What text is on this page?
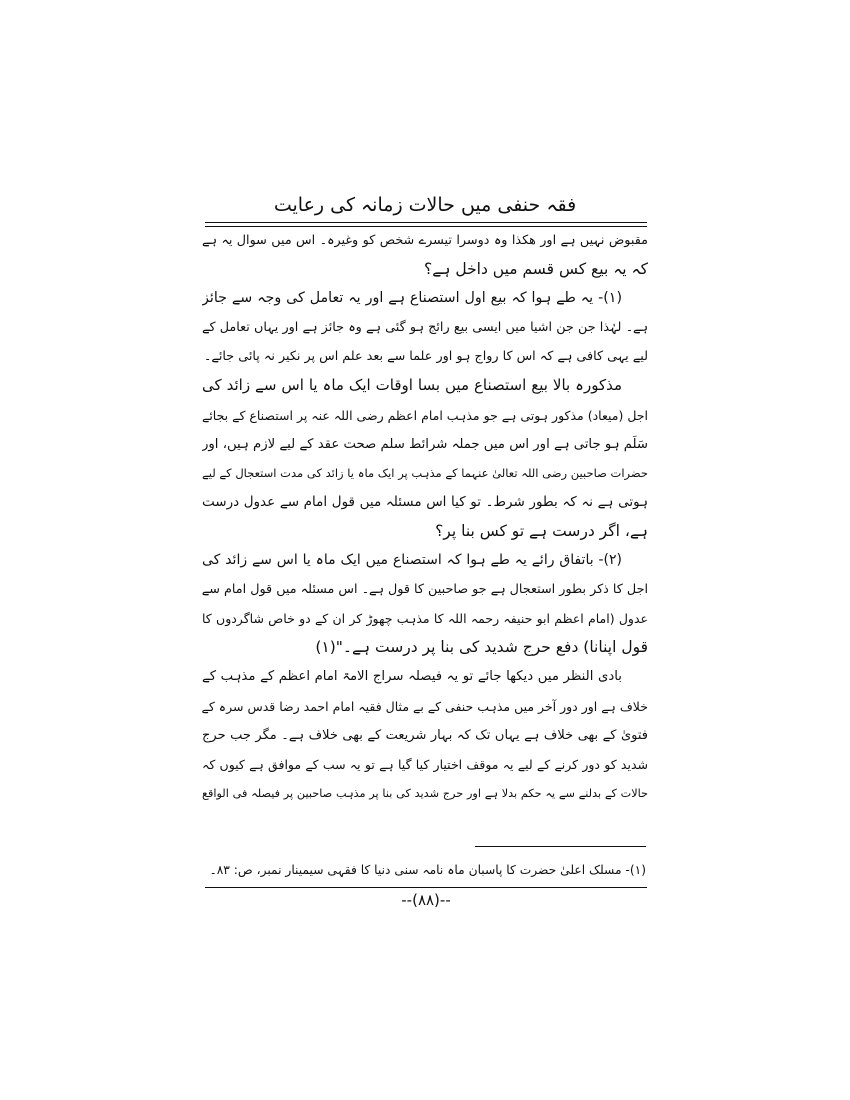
فقہ حنفی میں حالات زمانہ کی رعایت
مقبوض نہیں ہے اور ھکذا وہ دوسرا تیسرے شخص کو وغیرہ۔ اس میں سوال یہ ہے
کہ یہ بیع کس قسم میں داخل ہے؟
(۱)- یہ طے ہوا کہ بیع اول استصناع ہے اور یہ تعامل کی وجہ سے جائز
ہے۔ لہٰذا جن جن اشیا میں ایسی بیع رائج ہو گئی ہے وہ جائز ہے اور یہاں تعامل کے
لیے یہی کافی ہے کہ اس کا رواج ہو اور علما سے بعد علم اس پر نکیر نہ پائی جائے۔
مذکورہ بالا بیع استصناع میں بسا اوقات ایک ماہ یا اس سے زائد کی
اجل (میعاد) مذکور ہوتی ہے جو مذہب امام اعظم رضی اللہ عنہ پر استصناع کے بجائے
سَلَم ہو جاتی ہے اور اس میں جملہ شرائط سلم صحت عقد کے لیے لازم ہیں، اور
حضرات صاحبین رضی اللہ تعالیٰ عنہما کے مذہب پر ایک ماہ یا زائد کی مدت استعجال کے لیے
ہوتی ہے نہ کہ بطور شرط۔ تو کیا اس مسئلہ میں قول امام سے عدول درست
ہے، اگر درست ہے تو کس بنا پر؟
(۲)- باتفاق رائے یہ طے ہوا کہ استصناع میں ایک ماہ یا اس سے زائد کی
اجل کا ذکر بطور استعجال ہے جو صاحبین کا قول ہے۔ اس مسئلہ میں قول امام سے
عدول (امام اعظم ابو حنیفہ رحمہ اللہ کا مذہب چھوڑ کر ان کے دو خاص شاگردوں کا
قول اپنانا) دفع حرج شدید کی بنا پر درست ہے۔"(۱)
بادی النظر میں دیکھا جائے تو یہ فیصلہ سراج الامۃ امام اعظم کے مذہب کے
خلاف ہے اور دور آخر میں مذہب حنفی کے بے مثال فقیہ امام احمد رضا قدس سرہ کے
فتویٰ کے بھی خلاف ہے یہاں تک کہ بہار شریعت کے بھی خلاف ہے۔ مگر جب حرج
شدید کو دور کرنے کے لیے یہ موقف اختیار کیا گیا ہے تو یہ سب کے موافق ہے کیوں کہ
حالات کے بدلنے سے یہ حکم بدلا ہے اور حرج شدید کی بنا پر مذہب صاحبین پر فیصلہ فی الواقع
(۱)- مسلک اعلیٰ حضرت کا پاسبان ماہ نامہ سنی دنیا کا فقہی سیمینار نمبر، ص: ۸۳۔
--(۸۸)--
